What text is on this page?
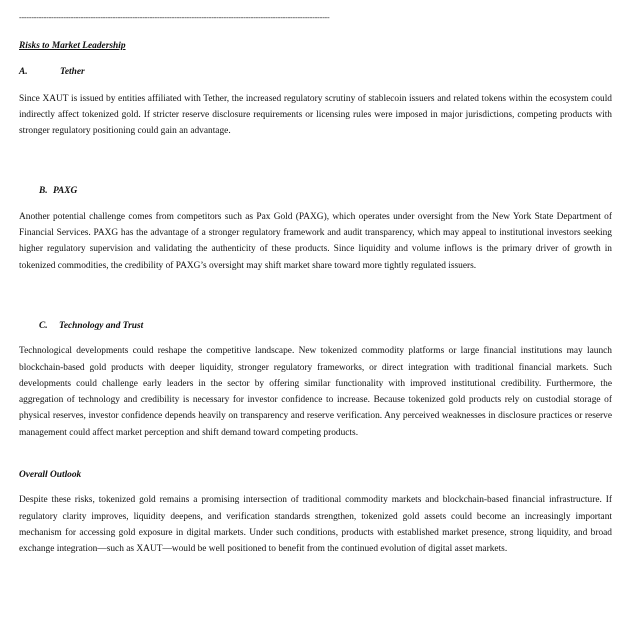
------------------------------------------------------------------------------------------------------------------------------
Risks to Market Leadership
A.	Tether

Since XAUT is issued by entities affiliated with Tether, the increased regulatory scrutiny of stablecoin issuers and related tokens within the ecosystem could indirectly affect tokenized gold. If stricter reserve disclosure requirements or licensing rules were imposed in major jurisdictions, competing products with stronger regulatory positioning could gain an advantage.

B. PAXG

Another potential challenge comes from competitors such as Pax Gold (PAXG), which operates under oversight from the New York State Department of Financial Services. PAXG has the advantage of a stronger regulatory framework and audit transparency, which may appeal to institutional investors seeking higher regulatory supervision and validating the authenticity of these products. Since liquidity and volume inflows is the primary driver of growth in tokenized commodities, the credibility of PAXG’s oversight may shift market share toward more tightly regulated issuers.

C.	Technology and Trust

Technological developments could reshape the competitive landscape. New tokenized commodity platforms or large financial institutions may launch blockchain-based gold products with deeper liquidity, stronger regulatory frameworks, or direct integration with traditional financial markets. Such developments could challenge early leaders in the sector by offering similar functionality with improved institutional credibility. Furthermore, the aggregation of technology and credibility is necessary for investor confidence to increase. Because tokenized gold products rely on custodial storage of physical reserves, investor confidence depends heavily on transparency and reserve verification. Any perceived weaknesses in disclosure practices or reserve management could affect market perception and shift demand toward competing products.

Overall Outlook

Despite these risks, tokenized gold remains a promising intersection of traditional commodity markets and blockchain-based financial infrastructure. If regulatory clarity improves, liquidity deepens, and verification standards strengthen, tokenized gold assets could become an increasingly important mechanism for accessing gold exposure in digital markets. Under such conditions, products with established market presence, strong liquidity, and broad exchange integration—such as XAUT—would be well positioned to benefit from the continued evolution of digital asset markets.
